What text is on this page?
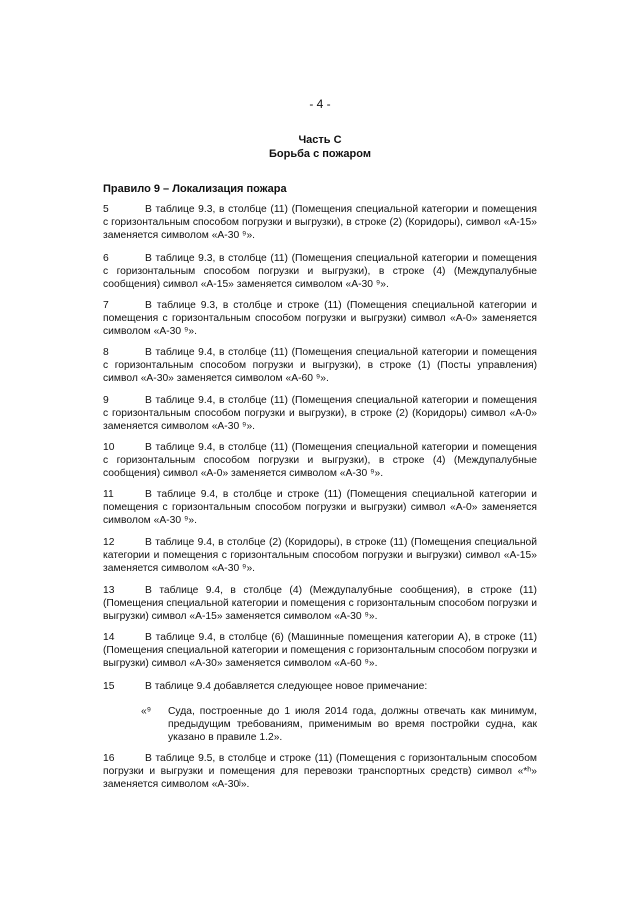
- 4 -
Часть С
Борьба с пожаром
Правило 9 – Локализация пожара
5	В таблице 9.3, в столбце (11) (Помещения специальной категории и помещения с горизонтальным способом погрузки и выгрузки), в строке (2) (Коридоры), символ «А-15» заменяется символом «А-30 ⁹».
6	В таблице 9.3, в столбце (11) (Помещения специальной категории и помещения с горизонтальным способом погрузки и выгрузки), в строке (4) (Междупалубные сообщения) символ «А-15» заменяется символом «А-30 ⁹».
7	В таблице 9.3, в столбце и строке (11) (Помещения специальной категории и помещения с горизонтальным способом погрузки и выгрузки) символ «А-0» заменяется символом «А-30 ⁹».
8	В таблице 9.4, в столбце (11) (Помещения специальной категории и помещения с горизонтальным способом погрузки и выгрузки), в строке (1) (Посты управления) символ «А-30» заменяется символом «А-60 ⁹».
9	В таблице 9.4, в столбце (11) (Помещения специальной категории и помещения с горизонтальным способом погрузки и выгрузки), в строке (2) (Коридоры) символ «А-0» заменяется символом «А-30 ⁹».
10	В таблице 9.4, в столбце (11) (Помещения специальной категории и помещения с горизонтальным способом погрузки и выгрузки), в строке (4) (Междупалубные сообщения) символ «А-0» заменяется символом «А-30 ⁹».
11	В таблице 9.4, в столбце и строке (11) (Помещения специальной категории и помещения с горизонтальным способом погрузки и выгрузки) символ «А-0» заменяется символом «А-30 ⁹».
12	В таблице 9.4, в столбце (2) (Коридоры), в строке (11) (Помещения специальной категории и помещения с горизонтальным способом погрузки и выгрузки) символ «А-15» заменяется символом «А-30 ⁹».
13	В таблице 9.4, в столбце (4) (Междупалубные сообщения), в строке (11) (Помещения специальной категории и помещения с горизонтальным способом погрузки и выгрузки) символ «А-15» заменяется символом «А-30 ⁹».
14	В таблице 9.4, в столбце (6) (Машинные помещения категории А), в строке (11) (Помещения специальной категории и помещения с горизонтальным способом погрузки и выгрузки) символ «А-30» заменяется символом «А-60 ⁹».
15	В таблице 9.4 добавляется следующее новое примечание:
«⁹	Суда, построенные до 1 июля 2014 года, должны отвечать как минимум, предыдущим требованиям, применимым во время постройки судна, как указано в правиле 1.2».
16	В таблице 9.5, в столбце и строке (11) (Помещения с горизонтальным способом погрузки и выгрузки и помещения для перевозки транспортных средств) символ «*ʰ» заменяется символом «А-30ʲ».
